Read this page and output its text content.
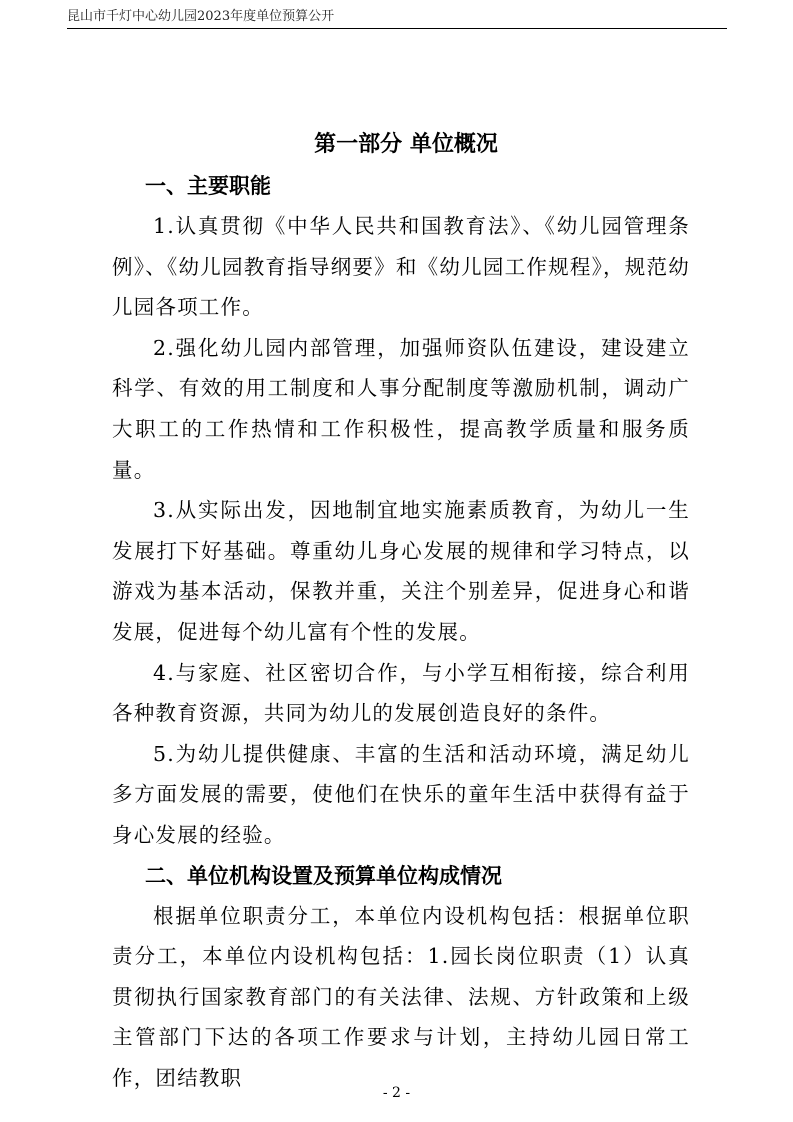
昆山市千灯中心幼儿园2023年度单位预算公开
第一部分 单位概况
一、主要职能

1.认真贯彻《中华人民共和国教育法》、《幼儿园管理条例》、《幼儿园教育指导纲要》和《幼儿园工作规程》，规范幼儿园各项工作。

2.强化幼儿园内部管理，加强师资队伍建设，建设建立科学、有效的用工制度和人事分配制度等激励机制，调动广大职工的工作热情和工作积极性，提高教学质量和服务质量。

3.从实际出发，因地制宜地实施素质教育，为幼儿一生发展打下好基础。尊重幼儿身心发展的规律和学习特点，以游戏为基本活动，保教并重，关注个别差异，促进身心和谐发展，促进每个幼儿富有个性的发展。

4.与家庭、社区密切合作，与小学互相衔接，综合利用各种教育资源，共同为幼儿的发展创造良好的条件。

5.为幼儿提供健康、丰富的生活和活动环境，满足幼儿多方面发展的需要，使他们在快乐的童年生活中获得有益于身心发展的经验。

二、单位机构设置及预算单位构成情况

根据单位职责分工，本单位内设机构包括：根据单位职责分工，本单位内设机构包括：1.园长岗位职责（1）认真贯彻执行国家教育部门的有关法律、法规、方针政策和上级主管部门下达的各项工作要求与计划，主持幼儿园日常工作，团结教职

- 2 -
